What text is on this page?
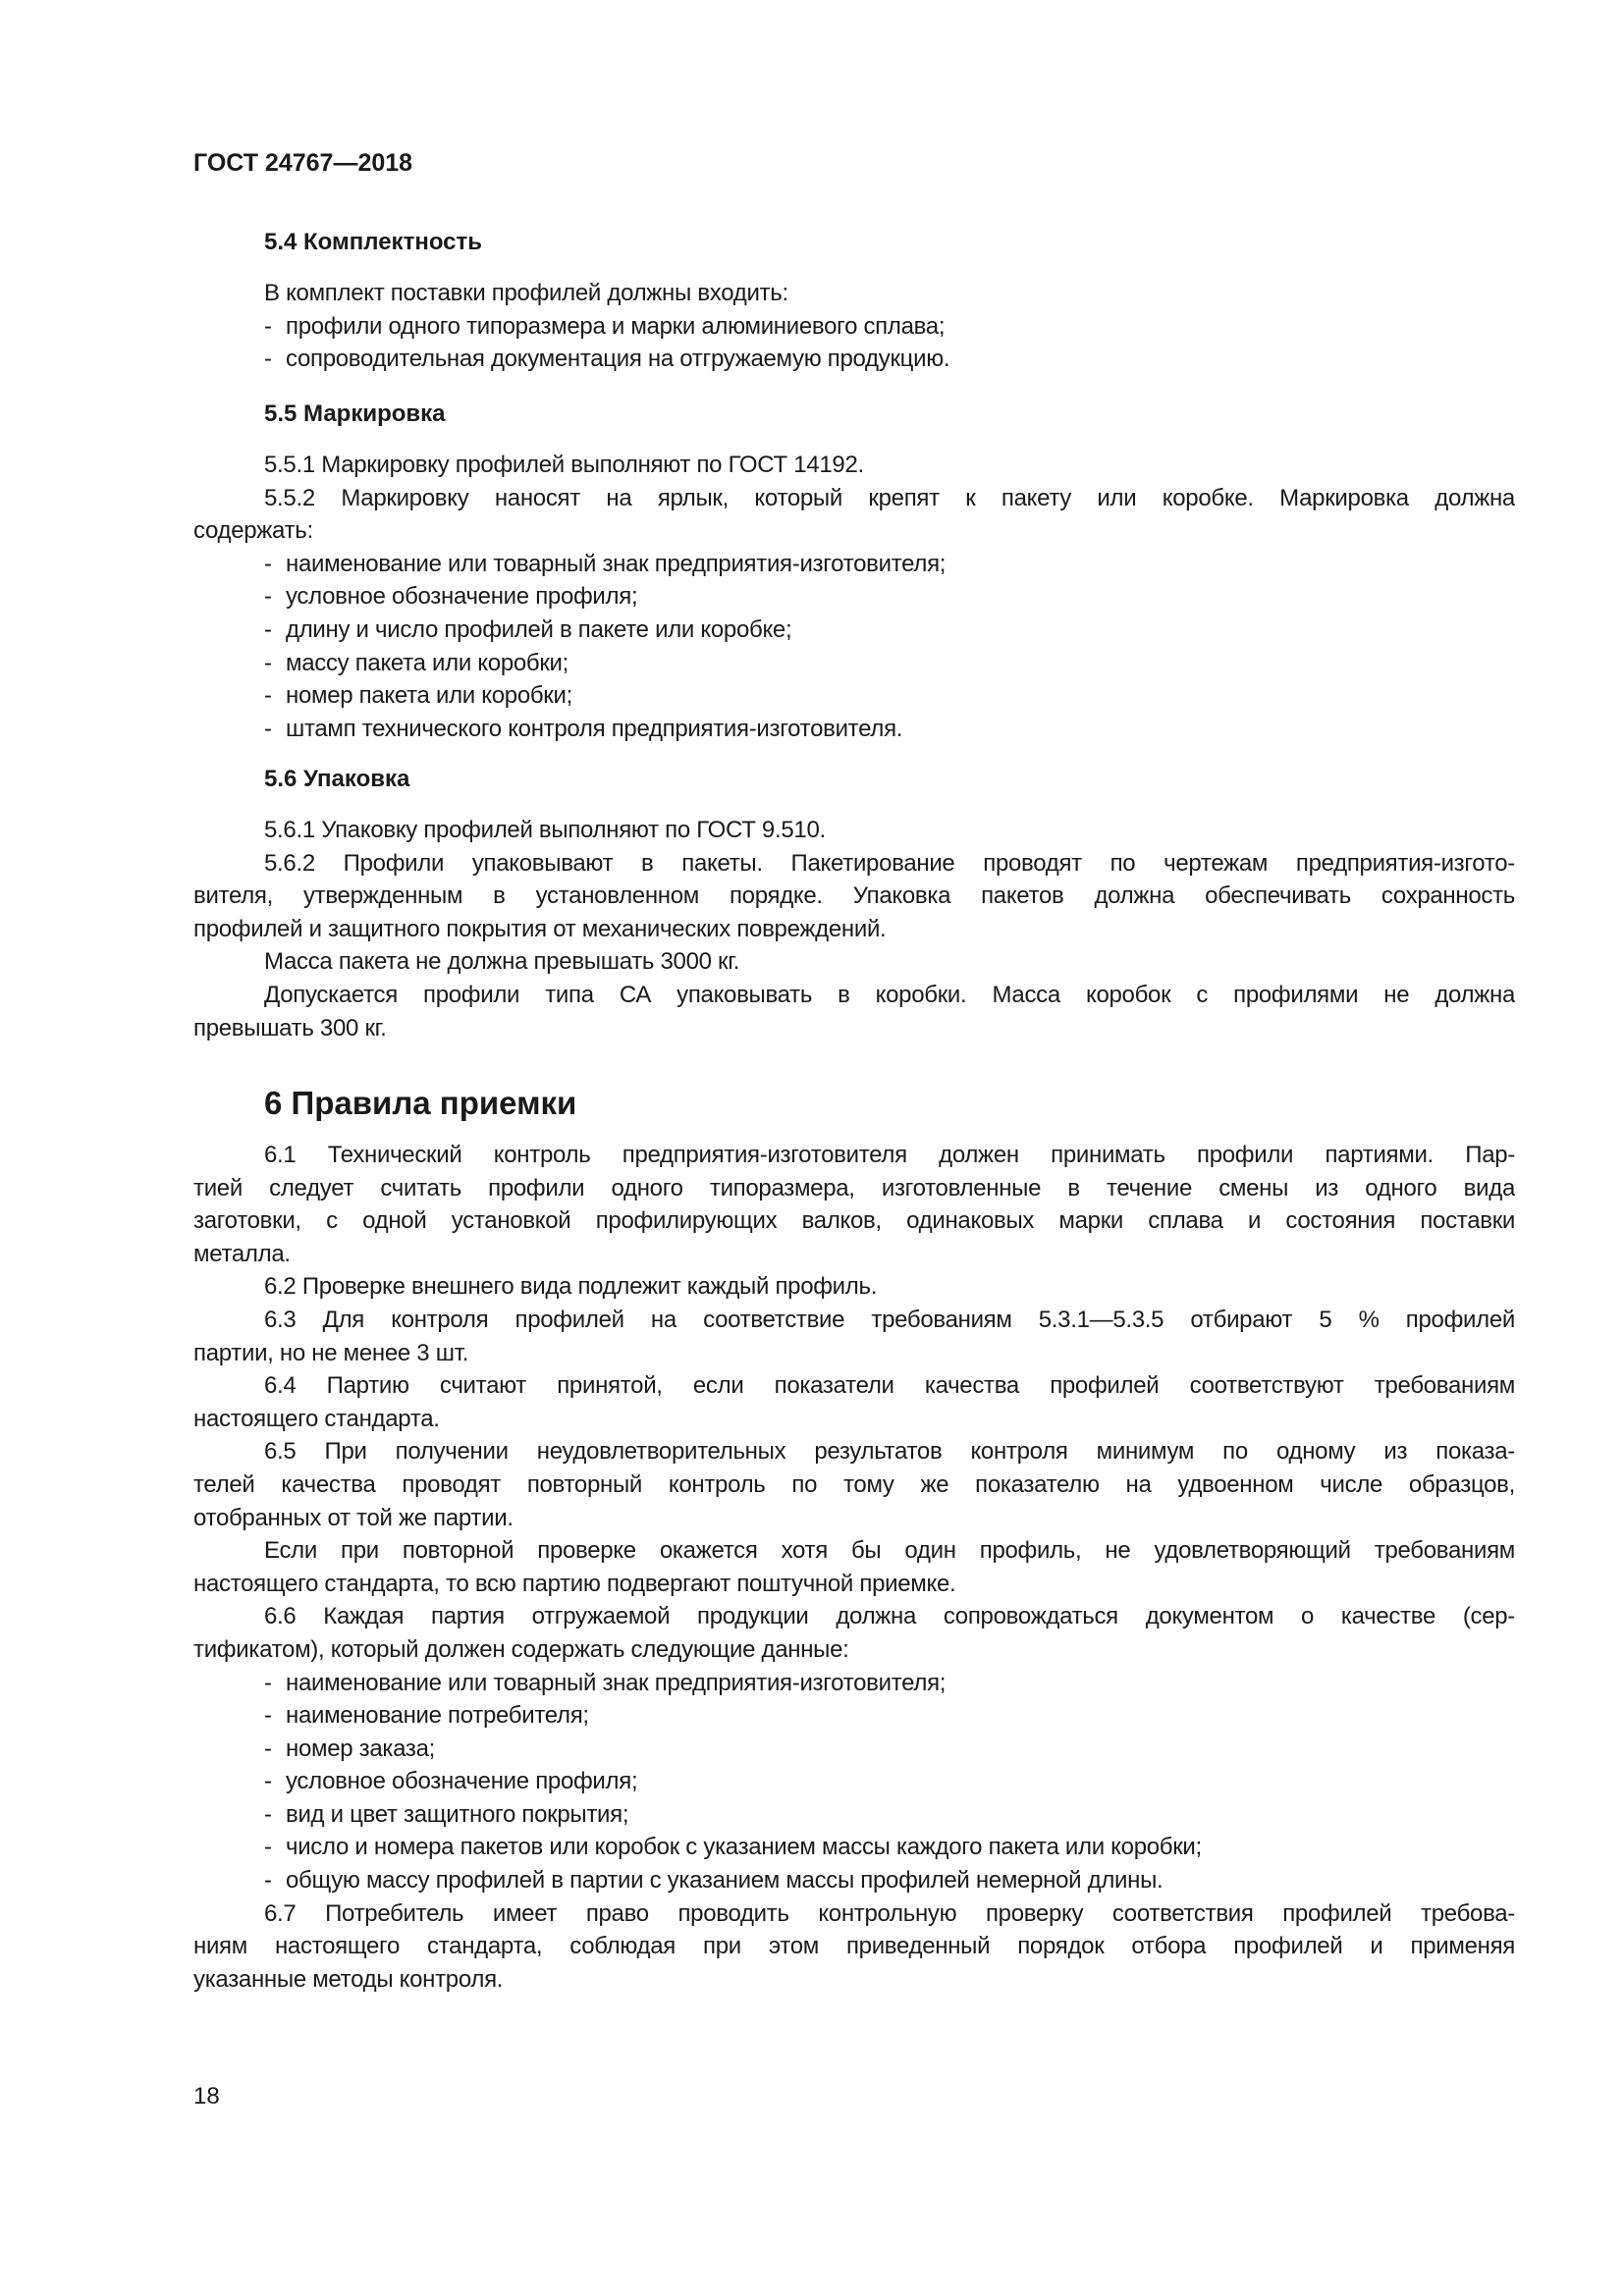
ГОСТ 24767—2018
5.4 Комплектность
В комплект поставки профилей должны входить:
- профили одного типоразмера и марки алюминиевого сплава;
- сопроводительная документация на отгружаемую продукцию.
5.5 Маркировка
5.5.1 Маркировку профилей выполняют по ГОСТ 14192.
5.5.2 Маркировку наносят на ярлык, который крепят к пакету или коробке. Маркировка должна
содержать:
- наименование или товарный знак предприятия-изготовителя;
- условное обозначение профиля;
- длину и число профилей в пакете или коробке;
- массу пакета или коробки;
- номер пакета или коробки;
- штамп технического контроля предприятия-изготовителя.
5.6 Упаковка
5.6.1 Упаковку профилей выполняют по ГОСТ 9.510.
5.6.2 Профили упаковывают в пакеты. Пакетирование проводят по чертежам предприятия-изгото-
вителя, утвержденным в установленном порядке. Упаковка пакетов должна обеспечивать сохранность
профилей и защитного покрытия от механических повреждений.
Масса пакета не должна превышать 3000 кг.
Допускается профили типа СА упаковывать в коробки. Масса коробок с профилями не должна
превышать 300 кг.
6 Правила приемки
6.1 Технический контроль предприятия-изготовителя должен принимать профили партиями. Пар-
тией следует считать профили одного типоразмера, изготовленные в течение смены из одного вида
заготовки, с одной установкой профилирующих валков, одинаковых марки сплава и состояния поставки
металла.
6.2 Проверке внешнего вида подлежит каждый профиль.
6.3 Для контроля профилей на соответствие требованиям 5.3.1—5.3.5 отбирают 5 % профилей
партии, но не менее 3 шт.
6.4 Партию считают принятой, если показатели качества профилей соответствуют требованиям
настоящего стандарта.
6.5 При получении неудовлетворительных результатов контроля минимум по одному из показа-
телей качества проводят повторный контроль по тому же показателю на удвоенном числе образцов,
отобранных от той же партии.
Если при повторной проверке окажется хотя бы один профиль, не удовлетворяющий требованиям
настоящего стандарта, то всю партию подвергают поштучной приемке.
6.6 Каждая партия отгружаемой продукции должна сопровождаться документом о качестве (сер-
тификатом), который должен содержать следующие данные:
- наименование или товарный знак предприятия-изготовителя;
- наименование потребителя;
- номер заказа;
- условное обозначение профиля;
- вид и цвет защитного покрытия;
- число и номера пакетов или коробок с указанием массы каждого пакета или коробки;
- общую массу профилей в партии с указанием массы профилей немерной длины.
6.7 Потребитель имеет право проводить контрольную проверку соответствия профилей требова-
ниям настоящего стандарта, соблюдая при этом приведенный порядок отбора профилей и применяя
указанные методы контроля.
18
